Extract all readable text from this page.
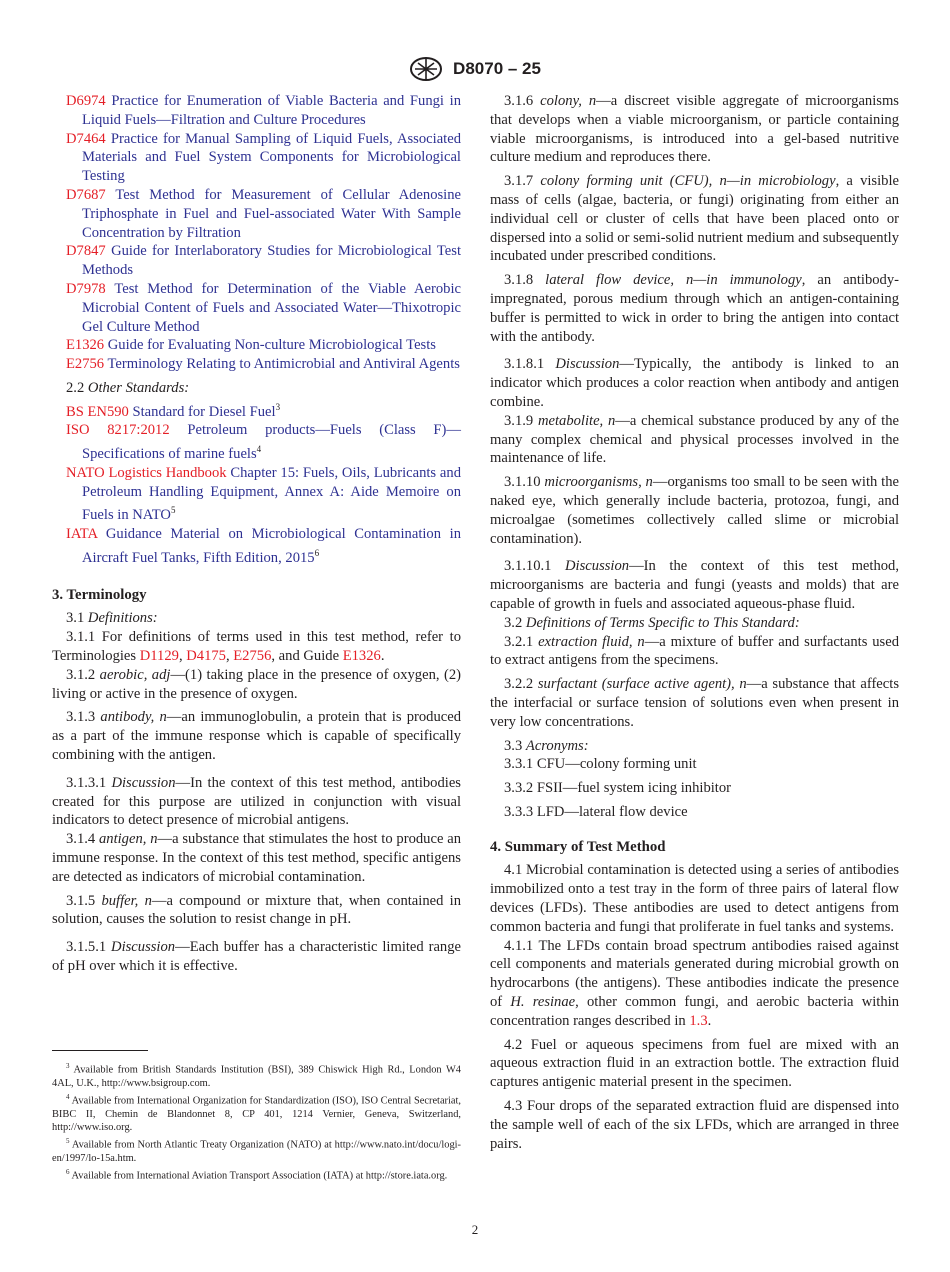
D8070 – 25

D6974 Practice for Enumeration of Viable Bacteria and Fungi in Liquid Fuels—Filtration and Culture Procedures

D7464 Practice for Manual Sampling of Liquid Fuels, Associated Materials and Fuel System Components for Microbiological Testing

D7687 Test Method for Measurement of Cellular Adenosine Triphosphate in Fuel and Fuel-associated Water With Sample Concentration by Filtration

D7847 Guide for Interlaboratory Studies for Microbiological Test Methods

D7978 Test Method for Determination of the Viable Aerobic Microbial Content of Fuels and Associated Water—Thixotropic Gel Culture Method

E1326 Guide for Evaluating Non-culture Microbiological Tests

E2756 Terminology Relating to Antimicrobial and Antiviral Agents

2.2 Other Standards:

BS EN590 Standard for Diesel Fuel$^3$

ISO 8217:2012 Petroleum products—Fuels (Class F)—Specifications of marine fuels$^4$

NATO Logistics Handbook Chapter 15: Fuels, Oils, Lubricants and Petroleum Handling Equipment, Annex A: Aide Memoire on Fuels in NATO$^5$

IATA Guidance Material on Microbiological Contamination in Aircraft Fuel Tanks, Fifth Edition, 2015$^6$

3. Terminology

3.1 Definitions:

3.1.1 For definitions of terms used in this test method, refer to Terminologies D1129, D4175, E2756, and Guide E1326.

3.1.2 aerobic, adj—(1) taking place in the presence of oxygen, (2) living or active in the presence of oxygen.

3.1.3 antibody, n—an immunoglobulin, a protein that is produced as a part of the immune response which is capable of specifically combining with the antigen.

3.1.3.1 Discussion—In the context of this test method, antibodies created for this purpose are utilized in conjunction with visual indicators to detect presence of microbial antigens.

3.1.4 antigen, n—a substance that stimulates the host to produce an immune response. In the context of this test method, specific antigens are detected as indicators of microbial contamination.

3.1.5 buffer, n—a compound or mixture that, when contained in solution, causes the solution to resist change in pH.

3.1.5.1 Discussion—Each buffer has a characteristic limited range of pH over which it is effective.

$^3$ Available from British Standards Institution (BSI), 389 Chiswick High Rd., London W4 4AL, U.K., http://www.bsigroup.com.

$^4$ Available from International Organization for Standardization (ISO), ISO Central Secretariat, BIBC II, Chemin de Blandonnet 8, CP 401, 1214 Vernier, Geneva, Switzerland, http://www.iso.org.

$^5$ Available from North Atlantic Treaty Organization (NATO) at http://www.nato.int/docu/logi-en/1997/lo-15a.htm.

$^6$ Available from International Aviation Transport Association (IATA) at http://store.iata.org.

3.1.6 colony, n—a discreet visible aggregate of microorganisms that develops when a viable microorganism, or particle containing viable microorganisms, is introduced into a gel-based nutritive culture medium and reproduces there.

3.1.7 colony forming unit (CFU), n—in microbiology, a visible mass of cells (algae, bacteria, or fungi) originating from either an individual cell or cluster of cells that have been placed onto or dispersed into a solid or semi-solid nutrient medium and subsequently incubated under prescribed conditions.

3.1.8 lateral flow device, n—in immunology, an antibody-impregnated, porous medium through which an antigen-containing buffer is permitted to wick in order to bring the antigen into contact with the antibody.

3.1.8.1 Discussion—Typically, the antibody is linked to an indicator which produces a color reaction when antibody and antigen combine.

3.1.9 metabolite, n—a chemical substance produced by any of the many complex chemical and physical processes involved in the maintenance of life.

3.1.10 microorganisms, n—organisms too small to be seen with the naked eye, which generally include bacteria, protozoa, fungi, and microalgae (sometimes collectively called slime or microbial contamination).

3.1.10.1 Discussion—In the context of this test method, microorganisms are bacteria and fungi (yeasts and molds) that are capable of growth in fuels and associated aqueous-phase fluid.

3.2 Definitions of Terms Specific to This Standard:

3.2.1 extraction fluid, n—a mixture of buffer and surfactants used to extract antigens from the specimens.

3.2.2 surfactant (surface active agent), n—a substance that affects the interfacial or surface tension of solutions even when present in very low concentrations.

3.3 Acronyms:

3.3.1 CFU—colony forming unit

3.3.2 FSII—fuel system icing inhibitor

3.3.3 LFD—lateral flow device

4. Summary of Test Method

4.1 Microbial contamination is detected using a series of antibodies immobilized onto a test tray in the form of three pairs of lateral flow devices (LFDs). These antibodies are used to detect antigens from common bacteria and fungi that proliferate in fuel tanks and systems.

4.1.1 The LFDs contain broad spectrum antibodies raised against cell components and materials generated during microbial growth on hydrocarbons (the antigens). These antibodies indicate the presence of H. resinae, other common fungi, and aerobic bacteria within concentration ranges described in 1.3.

4.2 Fuel or aqueous specimens from fuel are mixed with an aqueous extraction fluid in an extraction bottle. The extraction fluid captures antigenic material present in the specimen.

4.3 Four drops of the separated extraction fluid are dispensed into the sample well of each of the six LFDs, which are arranged in three pairs.

2
